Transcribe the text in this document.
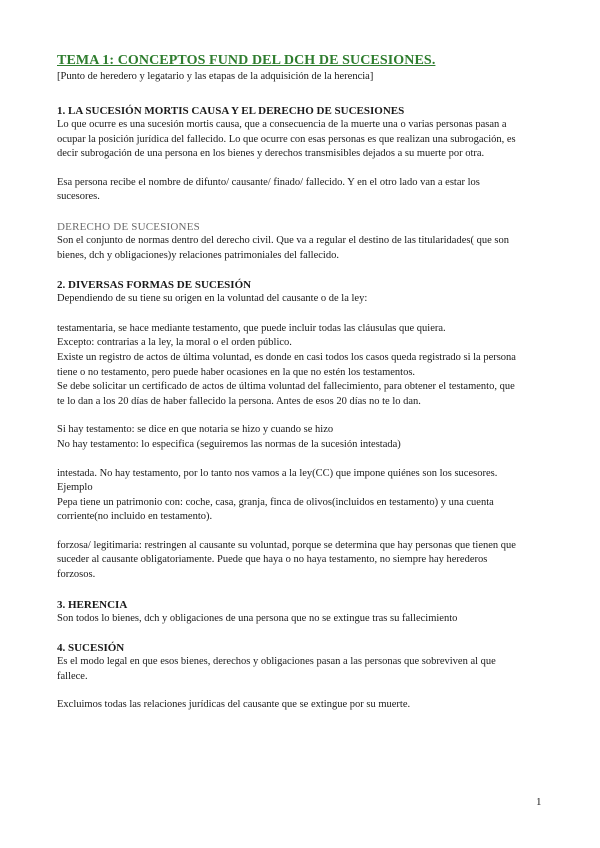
TEMA 1: CONCEPTOS FUND DEL DCH DE SUCESIONES.

[Punto de heredero y legatario y las etapas de la adquisición de la herencia]

1. LA SUCESIÓN MORTIS CAUSA Y EL DERECHO DE SUCESIONES

Lo que ocurre es una sucesión mortis causa, que a consecuencia de la muerte una o varias personas pasan a

ocupar la posición jurídica del fallecido. Lo que ocurre con esas personas es que realizan una subrogación, es

decir subrogación de una persona en los bienes y derechos transmisibles dejados a su muerte por otra.

Esa persona recibe el nombre de difunto/ causante/ finado/ fallecido. Y en el otro lado van a estar los

sucesores.

DERECHO DE SUCESIONES

Son el conjunto de normas dentro del derecho civil. Que va a regular el destino de las titularidades( que son

bienes, dch y obligaciones)y relaciones patrimoniales del fallecido.

2. DIVERSAS FORMAS DE SUCESIÓN

Dependiendo de su tiene su origen en la voluntad del causante o de la ley:

testamentaria, se hace mediante testamento, que puede incluir todas las cláusulas que quiera.

Excepto: contrarias a la ley, la moral o el orden público.

Existe un registro de actos de última voluntad, es donde en casi todos los casos queda registrado si la persona

tiene o no testamento, pero puede haber ocasiones en la que no estén los testamentos.

Se debe solicitar un certificado de actos de última voluntad del fallecimiento, para obtener el testamento, que

te lo dan a los 20 días de haber fallecido la persona. Antes de esos 20 días no te lo dan.

Si hay testamento: se dice en que notaria se hizo y cuando se hizo

No hay testamento: lo especifica (seguiremos las normas de la sucesión intestada)

intestada. No hay testamento, por lo tanto nos vamos a la ley(CC) que impone quiénes son los sucesores.

Ejemplo

Pepa tiene un patrimonio con: coche, casa, granja, finca de olivos(incluidos en testamento) y una cuenta

corriente(no incluido en testamento).

forzosa/ legitimaria: restringen al causante su voluntad, porque se determina que hay personas que tienen que

suceder al causante obligatoriamente. Puede que haya o no haya testamento, no siempre hay herederos

forzosos.

3. HERENCIA

Son todos lo bienes, dch y obligaciones de una persona que no se extingue tras su fallecimiento

4. SUCESIÓN

Es el modo legal en que esos bienes, derechos y obligaciones pasan a las personas que sobreviven al que

fallece.

Excluimos todas las relaciones jurídicas del causante que se extingue por su muerte.

1
